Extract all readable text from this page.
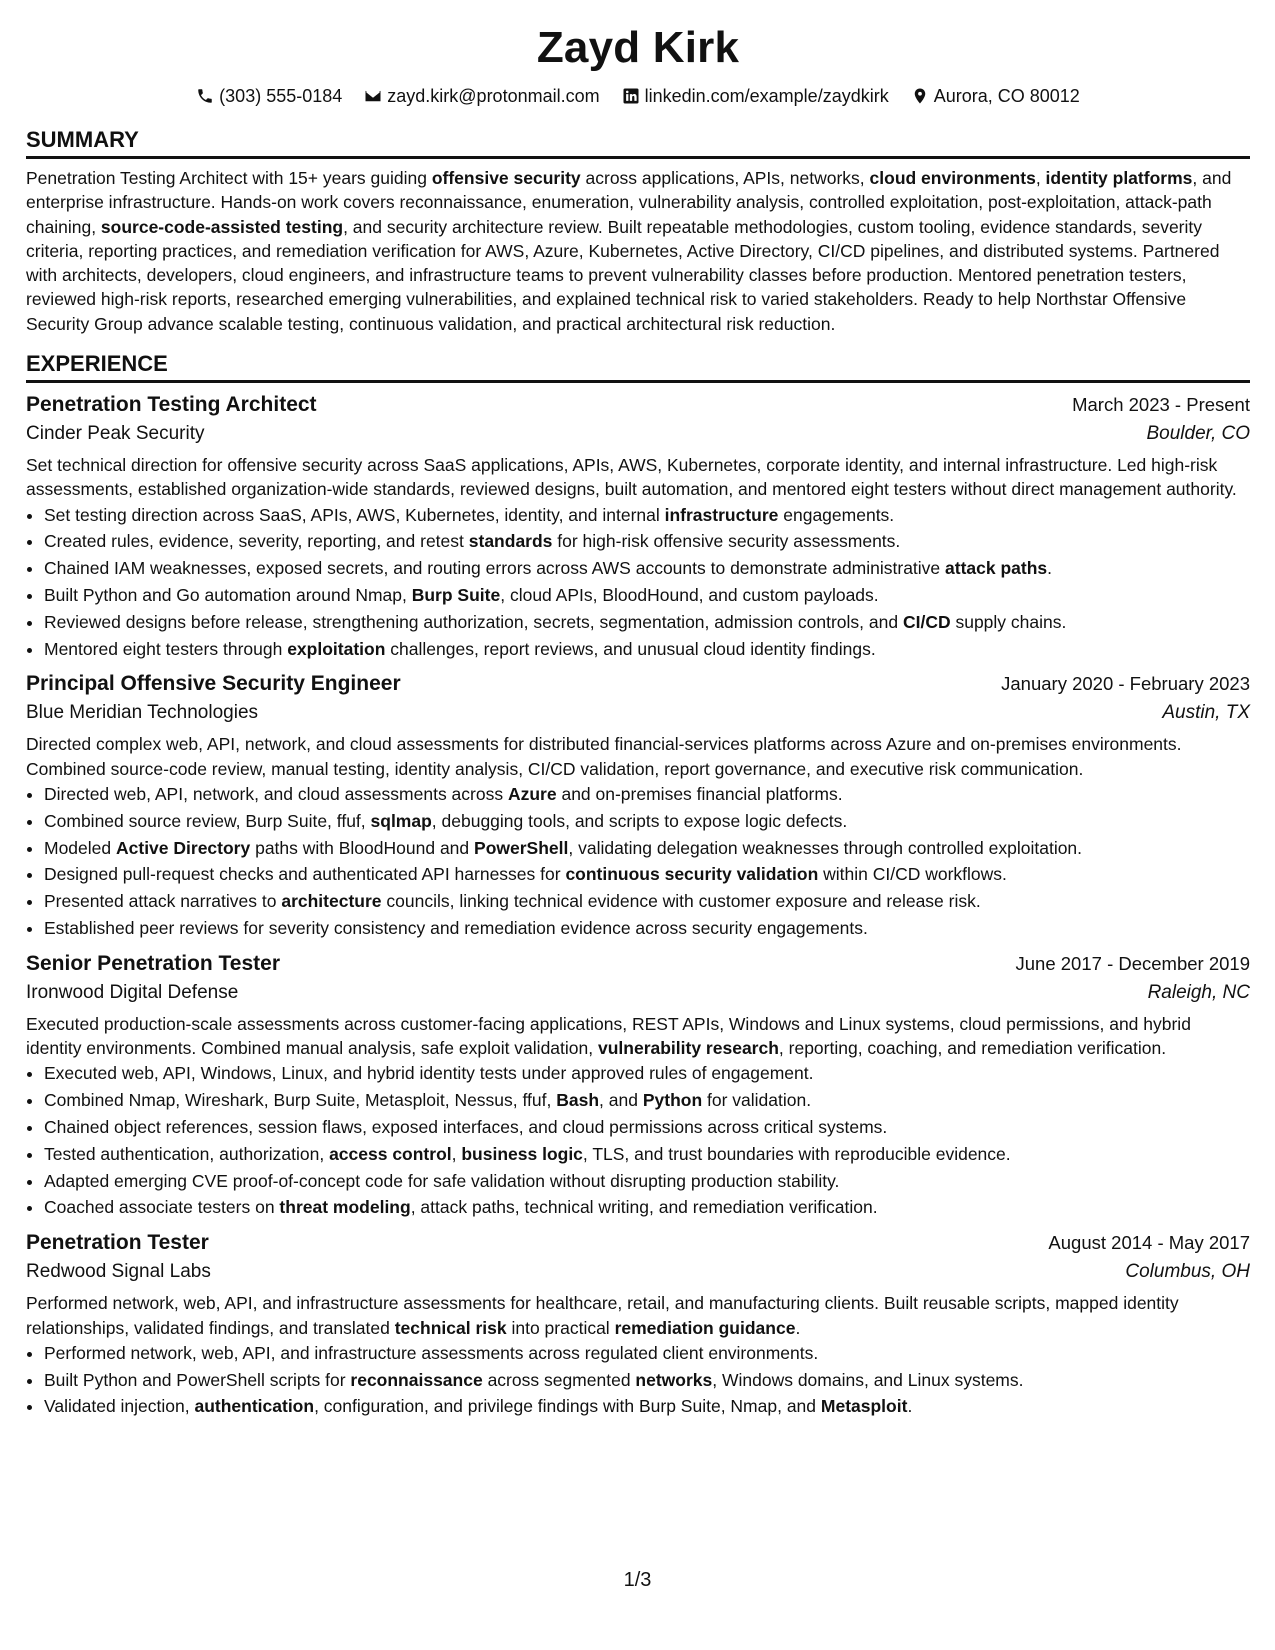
Zayd Kirk
(303) 555-0184	zayd.kirk@protonmail.com	linkedin.com/example/zaydkirk	Aurora, CO 80012
SUMMARY
Penetration Testing Architect with 15+ years guiding offensive security across applications, APIs, networks, cloud environments, identity platforms, and enterprise infrastructure. Hands-on work covers reconnaissance, enumeration, vulnerability analysis, controlled exploitation, post-exploitation, attack-path chaining, source-code-assisted testing, and security architecture review. Built repeatable methodologies, custom tooling, evidence standards, severity criteria, reporting practices, and remediation verification for AWS, Azure, Kubernetes, Active Directory, CI/CD pipelines, and distributed systems. Partnered with architects, developers, cloud engineers, and infrastructure teams to prevent vulnerability classes before production. Mentored penetration testers, reviewed high-risk reports, researched emerging vulnerabilities, and explained technical risk to varied stakeholders. Ready to help Northstar Offensive Security Group advance scalable testing, continuous validation, and practical architectural risk reduction.
EXPERIENCE
Penetration Testing Architect	March 2023 - Present
Cinder Peak Security	Boulder, CO
Set technical direction for offensive security across SaaS applications, APIs, AWS, Kubernetes, corporate identity, and internal infrastructure. Led high-risk assessments, established organization-wide standards, reviewed designs, built automation, and mentored eight testers without direct management authority.
• Set testing direction across SaaS, APIs, AWS, Kubernetes, identity, and internal infrastructure engagements.
• Created rules, evidence, severity, reporting, and retest standards for high-risk offensive security assessments.
• Chained IAM weaknesses, exposed secrets, and routing errors across AWS accounts to demonstrate administrative attack paths.
• Built Python and Go automation around Nmap, Burp Suite, cloud APIs, BloodHound, and custom payloads.
• Reviewed designs before release, strengthening authorization, secrets, segmentation, admission controls, and CI/CD supply chains.
• Mentored eight testers through exploitation challenges, report reviews, and unusual cloud identity findings.
Principal Offensive Security Engineer	January 2020 - February 2023
Blue Meridian Technologies	Austin, TX
Directed complex web, API, network, and cloud assessments for distributed financial-services platforms across Azure and on-premises environments. Combined source-code review, manual testing, identity analysis, CI/CD validation, report governance, and executive risk communication.
• Directed web, API, network, and cloud assessments across Azure and on-premises financial platforms.
• Combined source review, Burp Suite, ffuf, sqlmap, debugging tools, and scripts to expose logic defects.
• Modeled Active Directory paths with BloodHound and PowerShell, validating delegation weaknesses through controlled exploitation.
• Designed pull-request checks and authenticated API harnesses for continuous security validation within CI/CD workflows.
• Presented attack narratives to architecture councils, linking technical evidence with customer exposure and release risk.
• Established peer reviews for severity consistency and remediation evidence across security engagements.
Senior Penetration Tester	June 2017 - December 2019
Ironwood Digital Defense	Raleigh, NC
Executed production-scale assessments across customer-facing applications, REST APIs, Windows and Linux systems, cloud permissions, and hybrid identity environments. Combined manual analysis, safe exploit validation, vulnerability research, reporting, coaching, and remediation verification.
• Executed web, API, Windows, Linux, and hybrid identity tests under approved rules of engagement.
• Combined Nmap, Wireshark, Burp Suite, Metasploit, Nessus, ffuf, Bash, and Python for validation.
• Chained object references, session flaws, exposed interfaces, and cloud permissions across critical systems.
• Tested authentication, authorization, access control, business logic, TLS, and trust boundaries with reproducible evidence.
• Adapted emerging CVE proof-of-concept code for safe validation without disrupting production stability.
• Coached associate testers on threat modeling, attack paths, technical writing, and remediation verification.
Penetration Tester	August 2014 - May 2017
Redwood Signal Labs	Columbus, OH
Performed network, web, API, and infrastructure assessments for healthcare, retail, and manufacturing clients. Built reusable scripts, mapped identity relationships, validated findings, and translated technical risk into practical remediation guidance.
• Performed network, web, API, and infrastructure assessments across regulated client environments.
• Built Python and PowerShell scripts for reconnaissance across segmented networks, Windows domains, and Linux systems.
• Validated injection, authentication, configuration, and privilege findings with Burp Suite, Nmap, and Metasploit.
1/3
